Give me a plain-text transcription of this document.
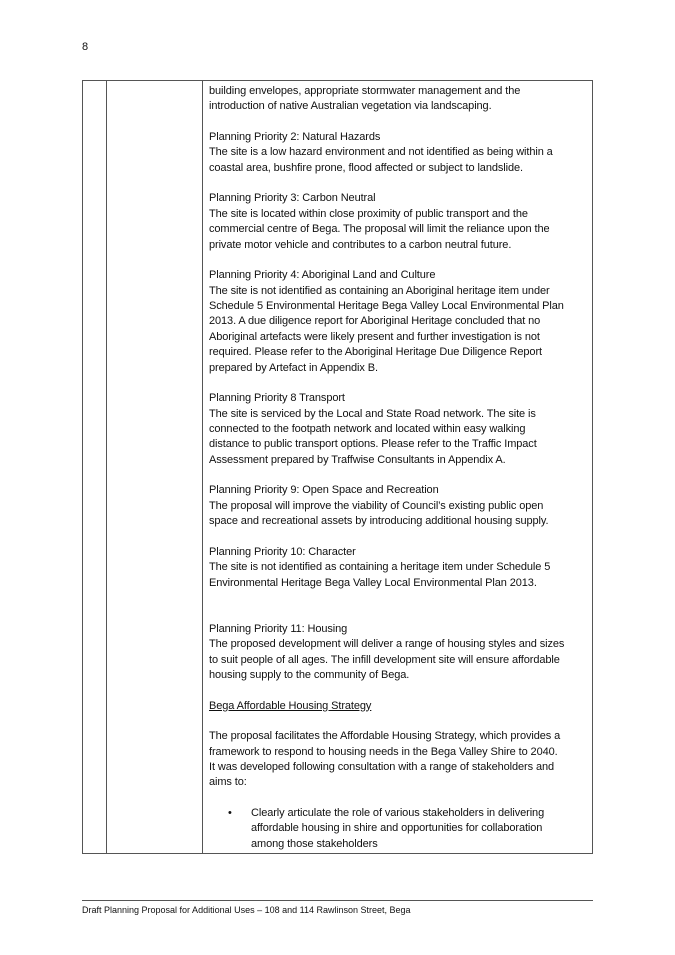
8
building envelopes, appropriate stormwater management and the
introduction of native Australian vegetation via landscaping.
Planning Priority 2: Natural Hazards
The site is a low hazard environment and not identified as being within a
coastal area, bushfire prone, flood affected or subject to landslide.
Planning Priority 3: Carbon Neutral
The site is located within close proximity of public transport and the
commercial centre of Bega. The proposal will limit the reliance upon the
private motor vehicle and contributes to a carbon neutral future.
Planning Priority 4: Aboriginal Land and Culture
The site is not identified as containing an Aboriginal heritage item under
Schedule 5 Environmental Heritage Bega Valley Local Environmental Plan
2013. A due diligence report for Aboriginal Heritage concluded that no
Aboriginal artefacts were likely present and further investigation is not
required. Please refer to the Aboriginal Heritage Due Diligence Report
prepared by Artefact in Appendix B.
Planning Priority 8 Transport
The site is serviced by the Local and State Road network. The site is
connected to the footpath network and located within easy walking
distance to public transport options. Please refer to the Traffic Impact
Assessment prepared by Traffwise Consultants in Appendix A.
Planning Priority 9: Open Space and Recreation
The proposal will improve the viability of Council’s existing public open
space and recreational assets by introducing additional housing supply.
Planning Priority 10: Character
The site is not identified as containing a heritage item under Schedule 5
Environmental Heritage Bega Valley Local Environmental Plan 2013.
Planning Priority 11: Housing
The proposed development will deliver a range of housing styles and sizes
to suit people of all ages. The infill development site will ensure affordable
housing supply to the community of Bega.
Bega Affordable Housing Strategy
The proposal facilitates the Affordable Housing Strategy, which provides a
framework to respond to housing needs in the Bega Valley Shire to 2040.
It was developed following consultation with a range of stakeholders and
aims to:
• Clearly articulate the role of various stakeholders in delivering
affordable housing in shire and opportunities for collaboration
among those stakeholders
Draft Planning Proposal for Additional Uses – 108 and 114 Rawlinson Street, Bega
